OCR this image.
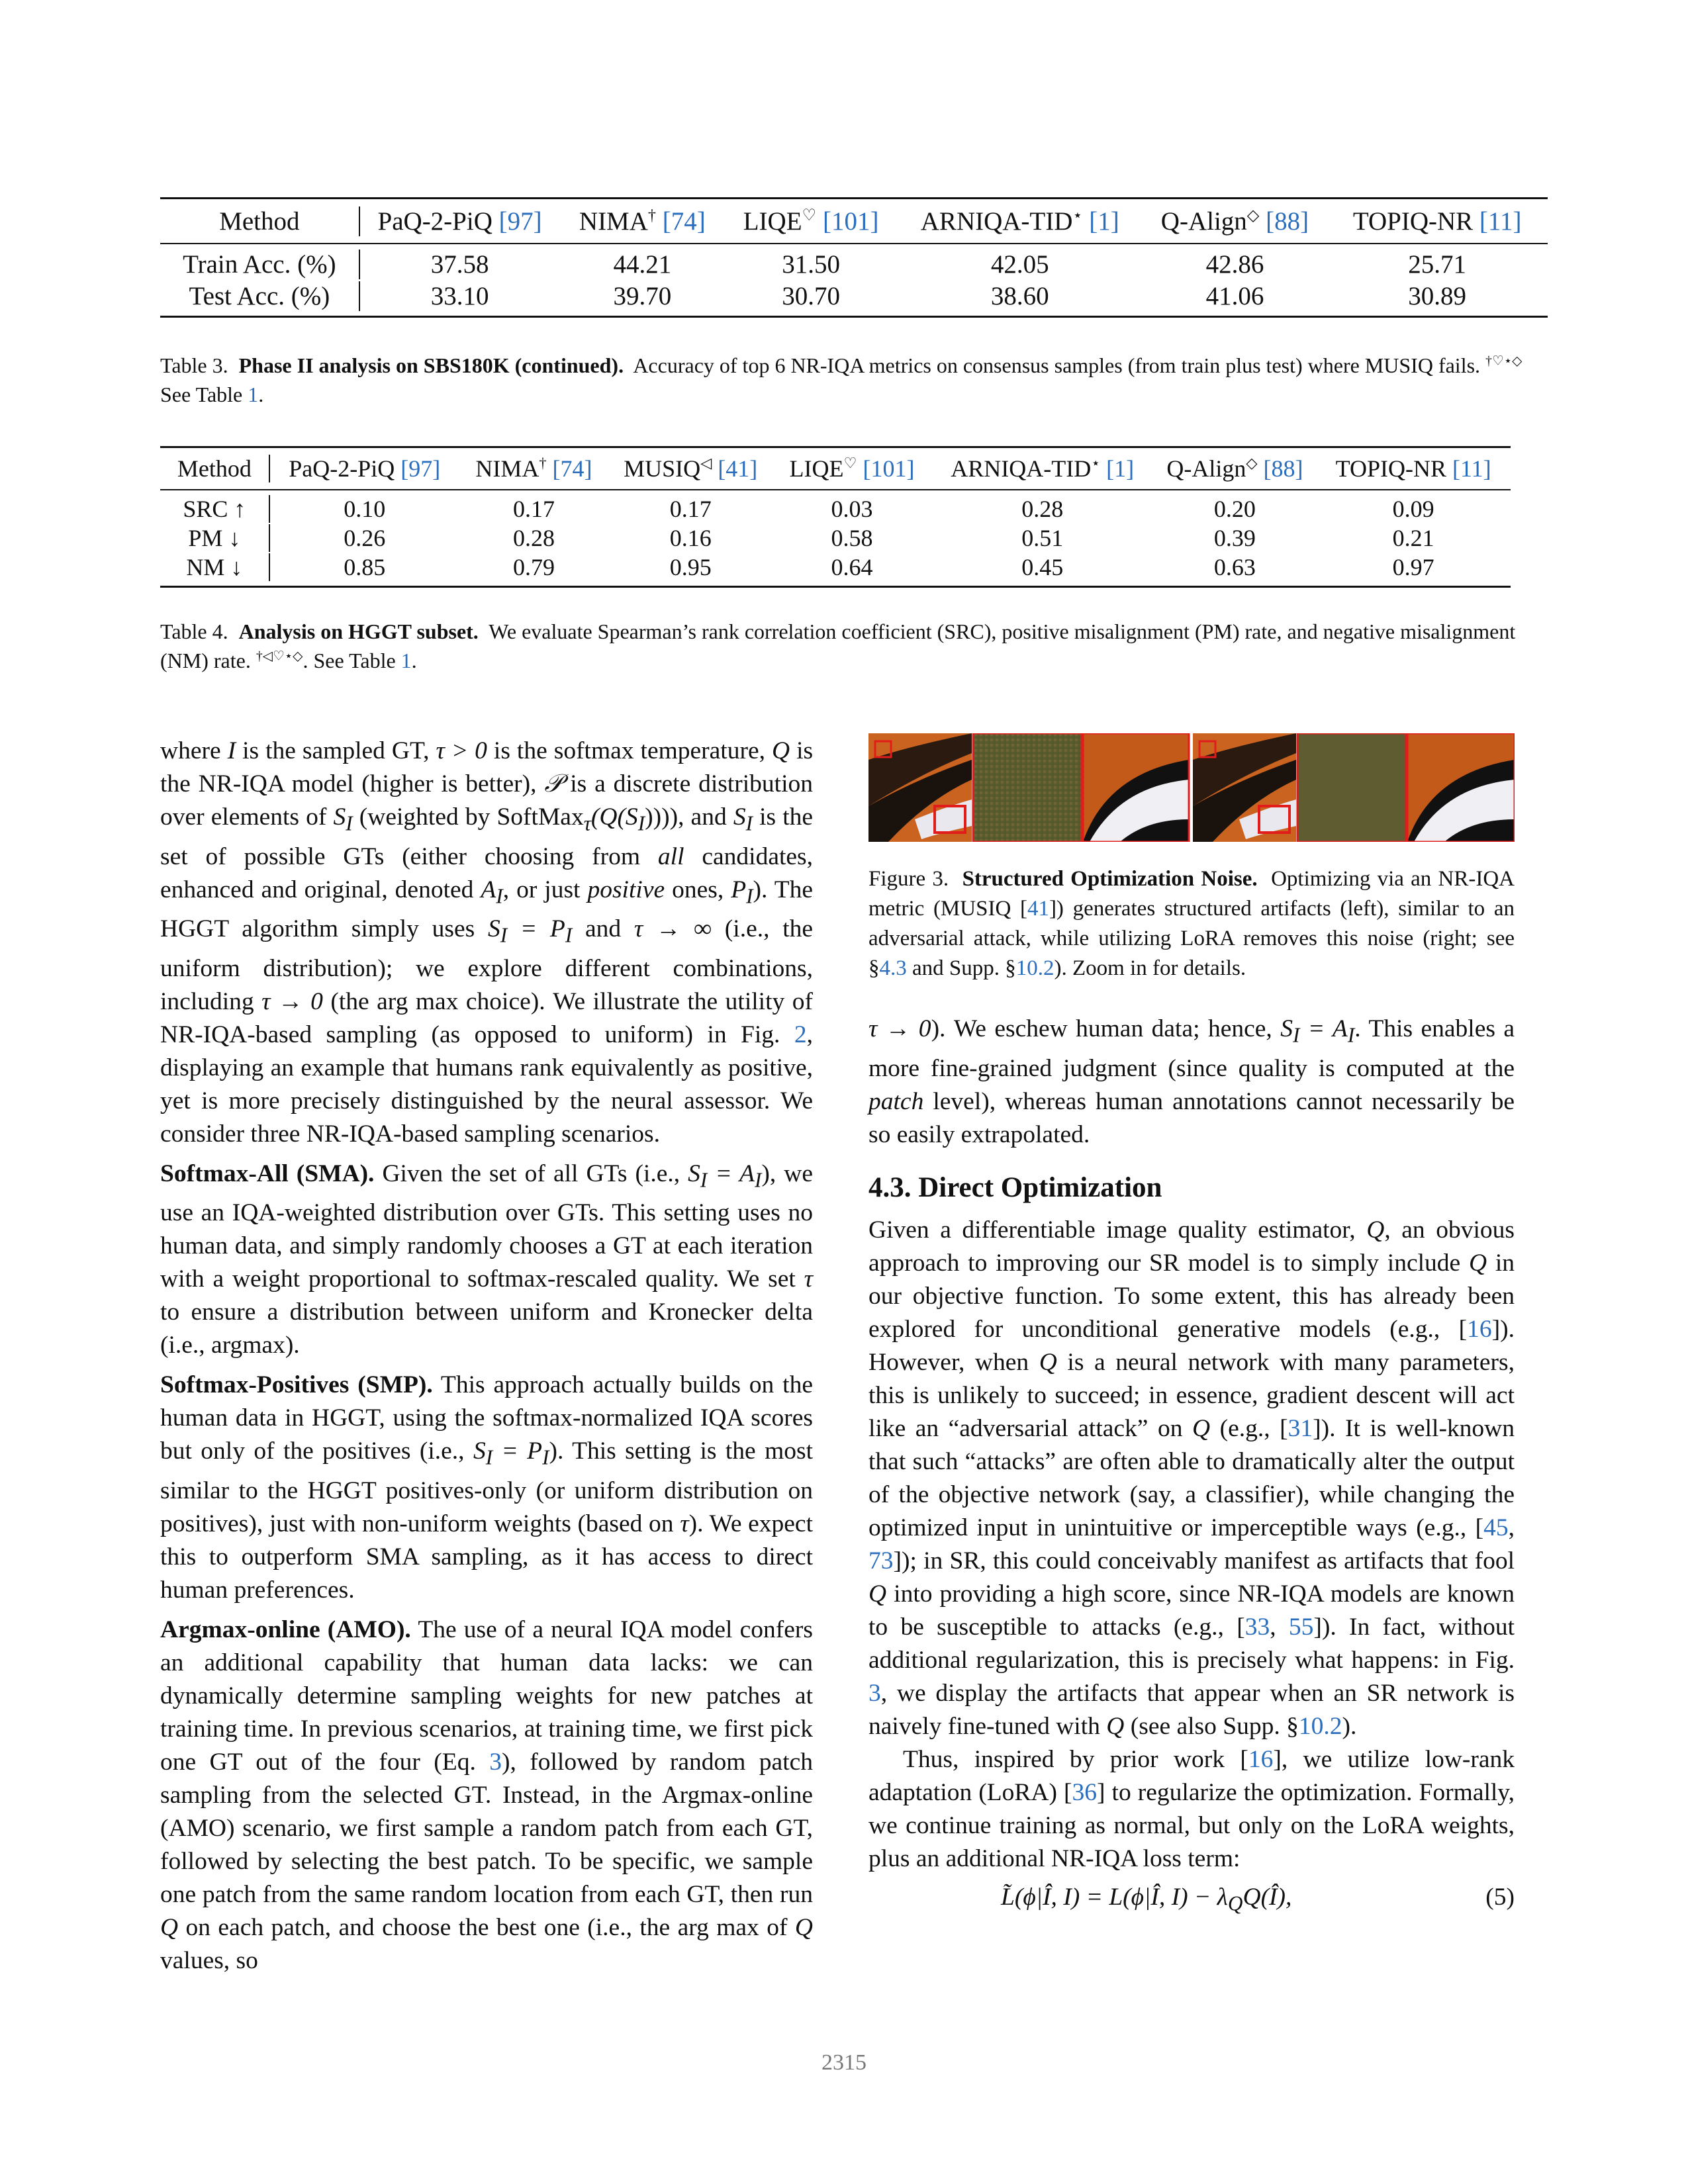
Method	PaQ-2-PiQ [97]	NIMA† [74]	LIQE♡ [101]	ARNIQA-TID⋆ [1]	Q-Align◇ [88]	TOPIQ-NR [11]
Train Acc. (%)	37.58	44.21	31.50	42.05	42.86	25.71
Test Acc. (%)	33.10	39.70	30.70	38.60	41.06	30.89
Table 3. Phase II analysis on SBS180K (continued). Accuracy of top 6 NR-IQA metrics on consensus samples (from train plus test) where MUSIQ fails. †♡⋆◇ See Table 1.
Method	PaQ-2-PiQ [97]	NIMA† [74]	MUSIQ◁ [41]	LIQE♡ [101]	ARNIQA-TID⋆ [1]	Q-Align◇ [88]	TOPIQ-NR [11]
SRC ↑	0.10	0.17	0.17	0.03	0.28	0.20	0.09
PM ↓	0.26	0.28	0.16	0.58	0.51	0.39	0.21
NM ↓	0.85	0.79	0.95	0.64	0.45	0.63	0.97
Table 4. Analysis on HGGT subset. We evaluate Spearman’s rank correlation coefficient (SRC), positive misalignment (PM) rate, and negative misalignment (NM) rate. †◁♡⋆◇. See Table 1.

where I is the sampled GT, τ > 0 is the softmax temperature, Q is the NR-IQA model (higher is better), 𝒫 is a discrete distribution over elements of $S_I$ (weighted by $SoftMax_\tau(Q(S_I))$)), and $S_I$ is the set of possible GTs (either choosing from all candidates, enhanced and original, denoted $A_I$, or just positive ones, $P_I$). The HGGT algorithm simply uses $S_I = P_I$ and τ → ∞ (i.e., the uniform distribution); we explore different combinations, including τ → 0 (the arg max choice). We illustrate the utility of NR-IQA-based sampling (as opposed to uniform) in Fig. 2, displaying an example that humans rank equivalently as positive, yet is more precisely distinguished by the neural assessor. We consider three NR-IQA-based sampling scenarios.

Softmax-All (SMA). Given the set of all GTs (i.e., $S_I = A_I$), we use an IQA-weighted distribution over GTs. This setting uses no human data, and simply randomly chooses a GT at each iteration with a weight proportional to softmax-rescaled quality. We set τ to ensure a distribution between uniform and Kronecker delta (i.e., argmax).

Softmax-Positives (SMP). This approach actually builds on the human data in HGGT, using the softmax-normalized IQA scores but only of the positives (i.e., $S_I = P_I$). This setting is the most similar to the HGGT positives-only (or uniform distribution on positives), just with non-uniform weights (based on τ). We expect this to outperform SMA sampling, as it has access to direct human preferences.

Argmax-online (AMO). The use of a neural IQA model confers an additional capability that human data lacks: we can dynamically determine sampling weights for new patches at training time. In previous scenarios, at training time, we first pick one GT out of the four (Eq. 3), followed by random patch sampling from the selected GT. Instead, in the Argmax-online (AMO) scenario, we first sample a random patch from each GT, followed by selecting the best patch. To be specific, we sample one patch from the same random location from each GT, then run Q on each patch, and choose the best one (i.e., the arg max of Q values, so

Figure 3. Structured Optimization Noise. Optimizing via an NR-IQA metric (MUSIQ [41]) generates structured artifacts (left), similar to an adversarial attack, while utilizing LoRA removes this noise (right; see §4.3 and Supp. §10.2). Zoom in for details.

τ → 0). We eschew human data; hence, $S_I = A_I$. This enables a more fine-grained judgment (since quality is computed at the patch level), whereas human annotations cannot necessarily be so easily extrapolated.

4.3. Direct Optimization

Given a differentiable image quality estimator, Q, an obvious approach to improving our SR model is to simply include Q in our objective function. To some extent, this has already been explored for unconditional generative models (e.g., [16]). However, when Q is a neural network with many parameters, this is unlikely to succeed; in essence, gradient descent will act like an “adversarial attack” on Q (e.g., [31]). It is well-known that such “attacks” are often able to dramatically alter the output of the objective network (say, a classifier), while changing the optimized input in unintuitive or imperceptible ways (e.g., [45, 73]); in SR, this could conceivably manifest as artifacts that fool Q into providing a high score, since NR-IQA models are known to be susceptible to attacks (e.g., [33, 55]). In fact, without additional regularization, this is precisely what happens: in Fig. 3, we display the artifacts that appear when an SR network is naively fine-tuned with Q (see also Supp. §10.2).

Thus, inspired by prior work [16], we utilize low-rank adaptation (LoRA) [36] to regularize the optimization. Formally, we continue training as normal, but only on the LoRA weights, plus an additional NR-IQA loss term:

L̃(ϕ|Î, I) = L(ϕ|Î, $I) - \lambda_QQ(Î)$,	(5)
2315
